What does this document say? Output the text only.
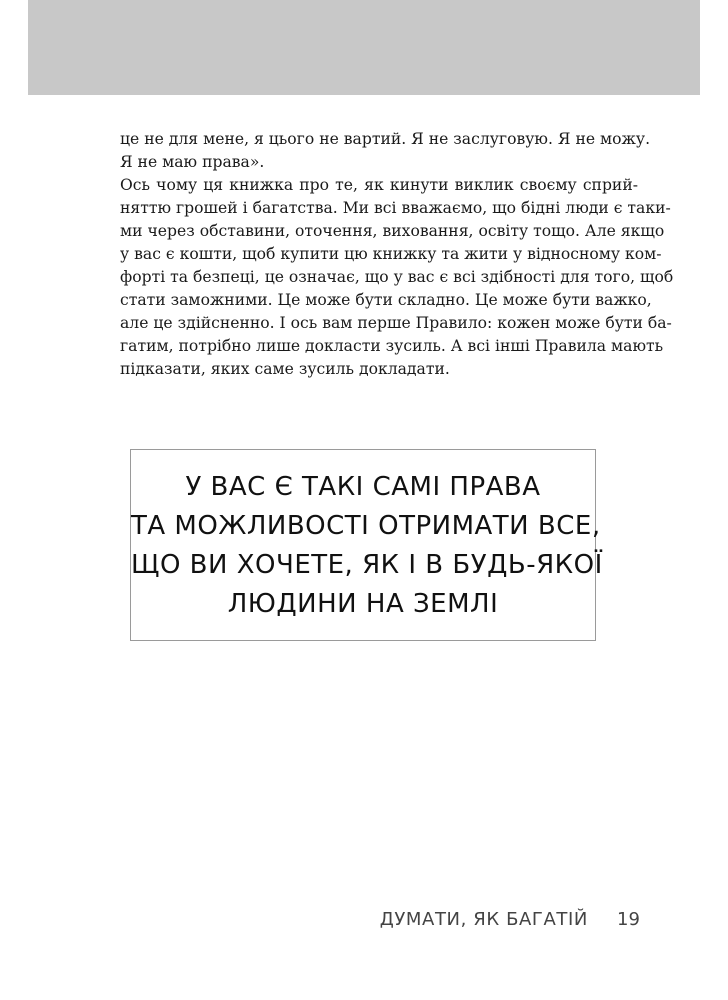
це не для мене, я цього не вартий. Я не заслуговую. Я не можу.
Я не маю права».
Ось чому ця книжка про те, як кинути виклик своєму сприй-
няттю грошей і багатства. Ми всі вважаємо, що бідні люди є таки-
ми через обставини, оточення, виховання, освіту тощо. Але якщо
у вас є кошти, щоб купити цю книжку та жити у відносному ком-
форті та безпеці, це означає, що у вас є всі здібності для того, щоб
стати заможними. Це може бути складно. Це може бути важко,
але це здійсненно. І ось вам перше Правило: кожен може бути ба-
гатим, потрібно лише докласти зусиль. А всі інші Правила мають
підказати, яких саме зусиль докладати.
У ВАС Є ТАКІ САМІ ПРАВА
ТА МОЖЛИВОСТІ ОТРИМАТИ ВСЕ,
ЩО ВИ ХОЧЕТЕ, ЯК І В БУДЬ-ЯКОЇ
ЛЮДИНИ НА ЗЕМЛІ
ДУМАТИ, ЯК БАГАТІЙ 19
